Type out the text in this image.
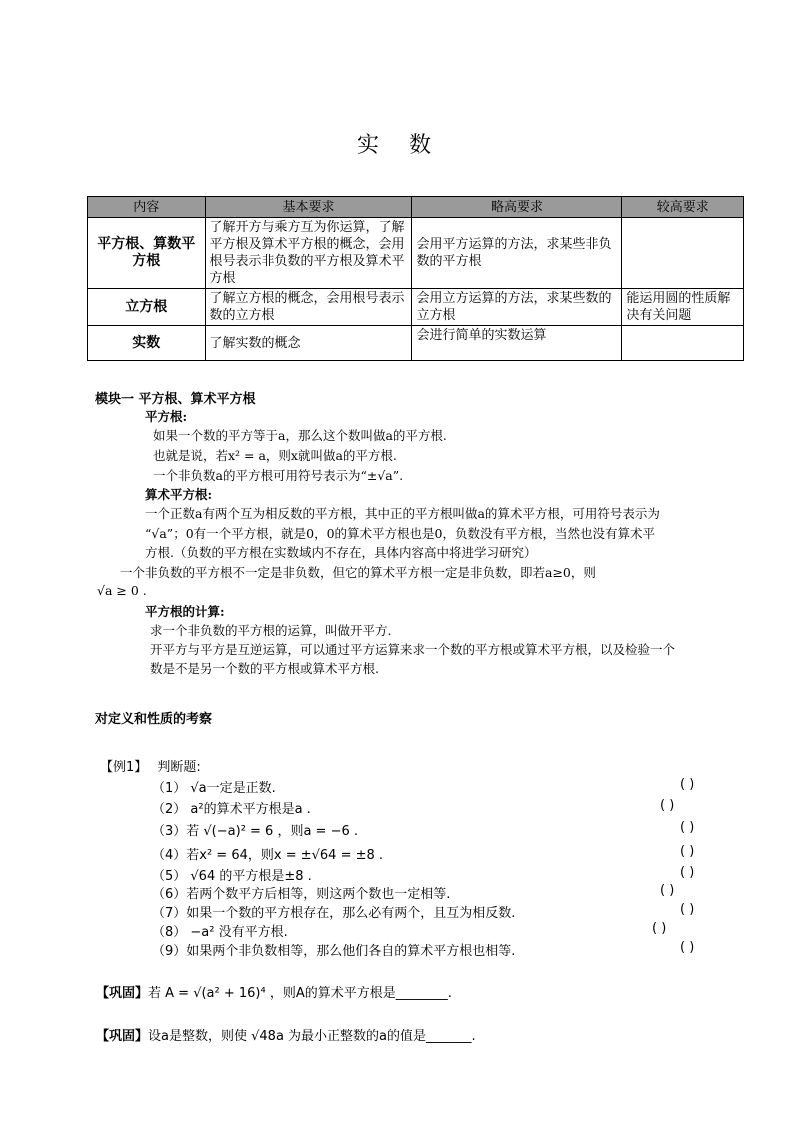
实 数
内容	基本要求	略高要求	较高要求
平方根、算数平方根	了解开方与乘方互为你运算，了解平方根及算术平方根的概念，会用根号表示非负数的平方根及算术平方根	会用平方运算的方法，求某些非负数的平方根	
立方根	了解立方根的概念，会用根号表示数的立方根	会用立方运算的方法，求某些数的立方根	能运用圆的性质解决有关问题
实数	了解实数的概念	会进行简单的实数运算	
模块一 平方根、算术平方根
平方根:
如果一个数的平方等于a，那么这个数叫做a的平方根.
也就是说，若x² = a，则x就叫做a的平方根.
一个非负数a的平方根可用符号表示为“±√a”.
算术平方根:
一个正数a有两个互为相反数的平方根，其中正的平方根叫做a的算术平方根，可用符号表示为
“√a”；0有一个平方根，就是0，0的算术平方根也是0，负数没有平方根，当然也没有算术平
方根.（负数的平方根在实数域内不存在，具体内容高中将进学习研究）
一个非负数的平方根不一定是非负数，但它的算术平方根一定是非负数，即若a≥0，则
√a ≥ 0 .
平方根的计算:
求一个非负数的平方根的运算，叫做开平方.
开平方与平方是互逆运算，可以通过平方运算来求一个数的平方根或算术平方根，以及检验一个
数是不是另一个数的平方根或算术平方根.
对定义和性质的考察
【例1】 判断题:
（1） √a一定是正数.
（2） a²的算术平方根是a .
（3）若 √(−a)² = 6 ，则a = −6 .
（4）若x² = 64，则x = ±√64 = ±8 .
（5） √64 的平方根是±8 .
（6）若两个数平方后相等，则这两个数也一定相等.
（7）如果一个数的平方根存在，那么必有两个，且互为相反数.
（8） −a² 没有平方根.
（9）如果两个非负数相等，那么他们各自的算术平方根也相等.
( )
( )
( )
( )
( )
( )
( )
( )
( )
【巩固】若 A = √(a² + 16)⁴ ，则A的算术平方根是________.
【巩固】设a是整数，则使 √48a 为最小正整数的a的值是_______.
